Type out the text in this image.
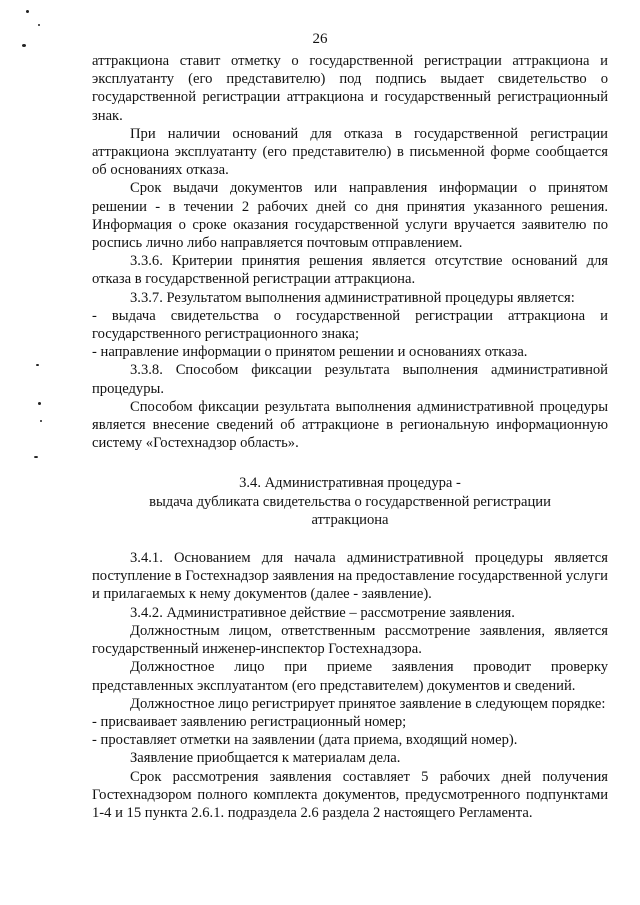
26

аттракциона ставит отметку о государственной регистрации аттракциона и эксплуатанту (его представителю) под подпись выдает свидетельство о государственной регистрации аттракциона и государственный регистрационный знак.

При наличии оснований для отказа в государственной регистрации аттракциона эксплуатанту (его представителю) в письменной форме сообщается об основаниях отказа.

Срок выдачи документов или направления информации о принятом решении - в течении 2 рабочих дней со дня принятия указанного решения. Информация о сроке оказания государственной услуги вручается заявителю по роспись лично либо направляется почтовым отправлением.

3.3.6. Критерии принятия решения является отсутствие оснований для отказа в государственной регистрации аттракциона.

3.3.7. Результатом выполнения административной процедуры является:

- выдача свидетельства о государственной регистрации аттракциона и государственного регистрационного знака;

- направление информации о принятом решении и основаниях отказа.

3.3.8. Способом фиксации результата выполнения административной процедуры.

Способом фиксации результата выполнения административной процедуры является внесение сведений об аттракционе в региональную информационную систему «Гостехнадзор область».

3.4. Административная процедура -
выдача дубликата свидетельства о государственной регистрации
аттракциона

3.4.1. Основанием для начала административной процедуры является поступление в Гостехнадзор заявления на предоставление государственной услуги и прилагаемых к нему документов (далее - заявление).

3.4.2. Административное действие – рассмотрение заявления.

Должностным лицом, ответственным рассмотрение заявления, является государственный инженер-инспектор Гостехнадзора.

Должностное лицо при приеме заявления проводит проверку представленных эксплуатантом (его представителем) документов и сведений.

Должностное лицо регистрирует принятое заявление в следующем порядке:

- присваивает заявлению регистрационный номер;

- проставляет отметки на заявлении (дата приема, входящий номер).

Заявление приобщается к материалам дела.

Срок рассмотрения заявления составляет 5 рабочих дней получения Гостехнадзором полного комплекта документов, предусмотренного подпунктами 1-4 и 15 пункта 2.6.1. подраздела 2.6 раздела 2 настоящего Регламента.
